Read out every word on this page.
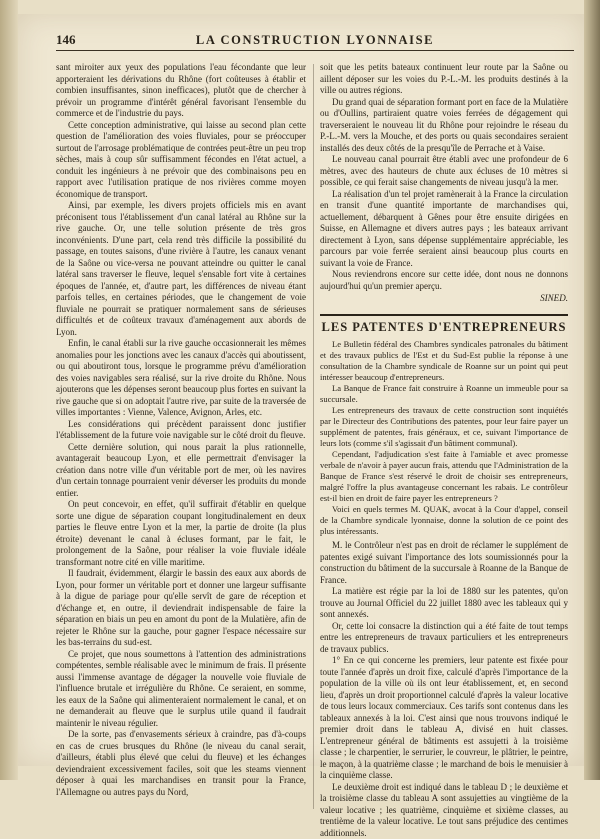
146	LA CONSTRUCTION LYONNAISE

sant miroiter aux yeux des populations l'eau fécondante que leur apporteraient les dérivations du Rhône (fort coûteuses à établir et combien insuffisantes, sinon inefficaces), plutôt que de chercher à prévoir un programme d'intérêt général favorisant l'ensemble du commerce et de l'industrie du pays.

Cette conception administrative, qui laisse au second plan cette question de l'amélioration des voies fluviales, pour se préoccuper surtout de l'arrosage problématique de contrées peut-être un peu trop sèches, mais à coup sûr suffisamment fécondes en l'état actuel, a conduit les ingénieurs à ne prévoir que des combinaisons peu en rapport avec l'utilisation pratique de nos rivières comme moyen économique de transport.

Ainsi, par exemple, les divers projets officiels mis en avant préconisent tous l'établissement d'un canal latéral au Rhône sur la rive gauche. Or, une telle solution présente de très gros inconvénients. D'une part, cela rend très difficile la possibilité du passage, en toutes saisons, d'une rivière à l'autre, les canaux venant de la Saône ou vice-versa ne pouvant atteindre ou quitter le canal latéral sans traverser le fleuve, lequel s'ensable fort vite à certaines époques de l'année, et, d'autre part, les différences de niveau étant parfois telles, en certaines périodes, que le changement de voie fluviale ne pourrait se pratiquer normalement sans de sérieuses difficultés et de coûteux travaux d'aménagement aux abords de Lyon.

Enfin, le canal établi sur la rive gauche occasionnerait les mêmes anomalies pour les jonctions avec les canaux d'accès qui aboutissent, ou qui aboutiront tous, lorsque le programme prévu d'amélioration des voies navigables sera réalisé, sur la rive droite du Rhône. Nous ajouterons que les dépenses seront beaucoup plus fortes en suivant la rive gauche que si on adoptait l'autre rive, par suite de la traversée de villes importantes : Vienne, Valence, Avignon, Arles, etc.

Les considérations qui précèdent paraissent donc justifier l'établissement de la future voie navigable sur le côté droit du fleuve.

Cette dernière solution, qui nous parait la plus rationnelle, avantagerait beaucoup Lyon, et elle permettrait d'envisager la création dans notre ville d'un véritable port de mer, où les navires d'un certain tonnage pourraient venir déverser les produits du monde entier.

On peut concevoir, en effet, qu'il suffirait d'établir en quelque sorte une digue de séparation coupant longitudinalement en deux parties le fleuve entre Lyon et la mer, la partie de droite (la plus étroite) devenant le canal à écluses formant, par le fait, le prolongement de la Saône, pour réaliser la voie fluviale idéale transformant notre cité en ville maritime.

Il faudrait, évidemment, élargir le bassin des eaux aux abords de Lyon, pour former un véritable port et donner une largeur suffisante à la digue de pariage pour qu'elle servît de gare de réception et d'échange et, en outre, il deviendrait indispensable de faire la séparation en biais un peu en amont du pont de la Mulatière, afin de rejeter le Rhône sur la gauche, pour gagner l'espace nécessaire sur les bas-terrains du sud-est.

Ce projet, que nous soumettons à l'attention des administrations compétentes, semble réalisable avec le minimum de frais. Il présente aussi l'immense avantage de dégager la nouvelle voie fluviale de l'influence brutale et irrégulière du Rhône. Ce seraient, en somme, les eaux de la Saône qui alimenteraient normalement le canal, et on ne demanderait au fleuve que le surplus utile quand il faudrait maintenir le niveau régulier.

De la sorte, pas d'envasements sérieux à craindre, pas d'à-coups en cas de crues brusques du Rhône (le niveau du canal serait, d'ailleurs, établi plus élevé que celui du fleuve) et les échanges deviendraient excessivement faciles, soit que les steams viennent déposer à quai les marchandises en transit pour la France, l'Allemagne ou autres pays du Nord,

soit que les petits bateaux continuent leur route par la Saône ou aillent déposer sur les voies du P.-L.-M. les produits destinés à la ville ou autres régions.

Du grand quai de séparation formant port en face de la Mulatière ou d'Oullins, partiraient quatre voies ferrées de dégagement qui traverseraient le nouveau lit du Rhône pour rejoindre le réseau du P.-L.-M. vers la Mouche, et des ports ou quais secondaires seraient installés des deux côtés de la presqu'île de Perrache et à Vaise.

Le nouveau canal pourrait être établi avec une profondeur de 6 mètres, avec des hauteurs de chute aux écluses de 10 mètres si possible, ce qui ferait saise changements de niveau jusqu'à la mer.

La réalisation d'un tel projet ramènerait à la France la circulation en transit d'une quantité importante de marchandises qui, actuellement, débarquent à Gênes pour être ensuite dirigées en Suisse, en Allemagne et divers autres pays ; les bateaux arrivant directement à Lyon, sans dépense supplémentaire appréciable, les parcours par voie ferrée seraient ainsi beaucoup plus courts en suivant la voie de France.

Nous reviendrons encore sur cette idée, dont nous ne donnons aujourd'hui qu'un premier aperçu.

SINED.
LES PATENTES D'ENTREPRENEURS

Le Bulletin fédéral des Chambres syndicales patronales du bâtiment et des travaux publics de l'Est et du Sud-Est publie la réponse à une consultation de la Chambre syndicale de Roanne sur un point qui peut intéresser beaucoup d'entrepreneurs.

La Banque de France fait construire à Roanne un immeuble pour sa succursale.

Les entrepreneurs des travaux de cette construction sont inquiétés par le Directeur des Contributions des patentes, pour leur faire payer un supplément de patentes, frais généraux, et ce, suivant l'importance de leurs lots (comme s'il s'agissait d'un bâtiment communal).

Cependant, l'adjudication s'est faite à l'amiable et avec promesse verbale de n'avoir à payer aucun frais, attendu que l'Administration de la Banque de France s'est réservé le droit de choisir ses entrepreneurs, malgré l'offre la plus avantageuse concernant les rabais. Le contrôleur est-il bien en droit de faire payer les entrepreneurs ?

Voici en quels termes M. QUAK, avocat à la Cour d'appel, conseil de la Chambre syndicale lyonnaise, donne la solution de ce point des plus intéressants.

M. le Contrôleur n'est pas en droit de réclamer le supplément de patentes exigé suivant l'importance des lots soumissionnés pour la construction du bâtiment de la succursale à Roanne de la Banque de France.

La matière est régie par la loi de 1880 sur les patentes, qu'on trouve au Journal Officiel du 22 juillet 1880 avec les tableaux qui y sont annexés.

Or, cette loi consacre la distinction qui a été faite de tout temps entre les entrepreneurs de travaux particuliers et les entrepreneurs de travaux publics.

1° En ce qui concerne les premiers, leur patente est fixée pour toute l'année d'après un droit fixe, calculé d'après l'importance de la population de la ville où ils ont leur établissement, et, en second lieu, d'après un droit proportionnel calculé d'après la valeur locative de tous leurs locaux commerciaux. Ces tarifs sont contenus dans les tableaux annexés à la loi. C'est ainsi que nous trouvons indiqué le premier droit dans le tableau A, divisé en huit classes. L'entrepreneur général de bâtiments est assujetti à la troisième classe ; le charpentier, le serrurier, le couvreur, le plâtrier, le peintre, le maçon, à la quatrième classe ; le marchand de bois le menuisier à la cinquième classe.

Le deuxième droit est indiqué dans le tableau D ; le deuxième et la troisième classe du tableau A sont assujetties au vingtième de la valeur locative ; les quatrième, cinquième et sixième classes, au trentième de la valeur locative. Le tout sans préjudice des centimes additionnels.
